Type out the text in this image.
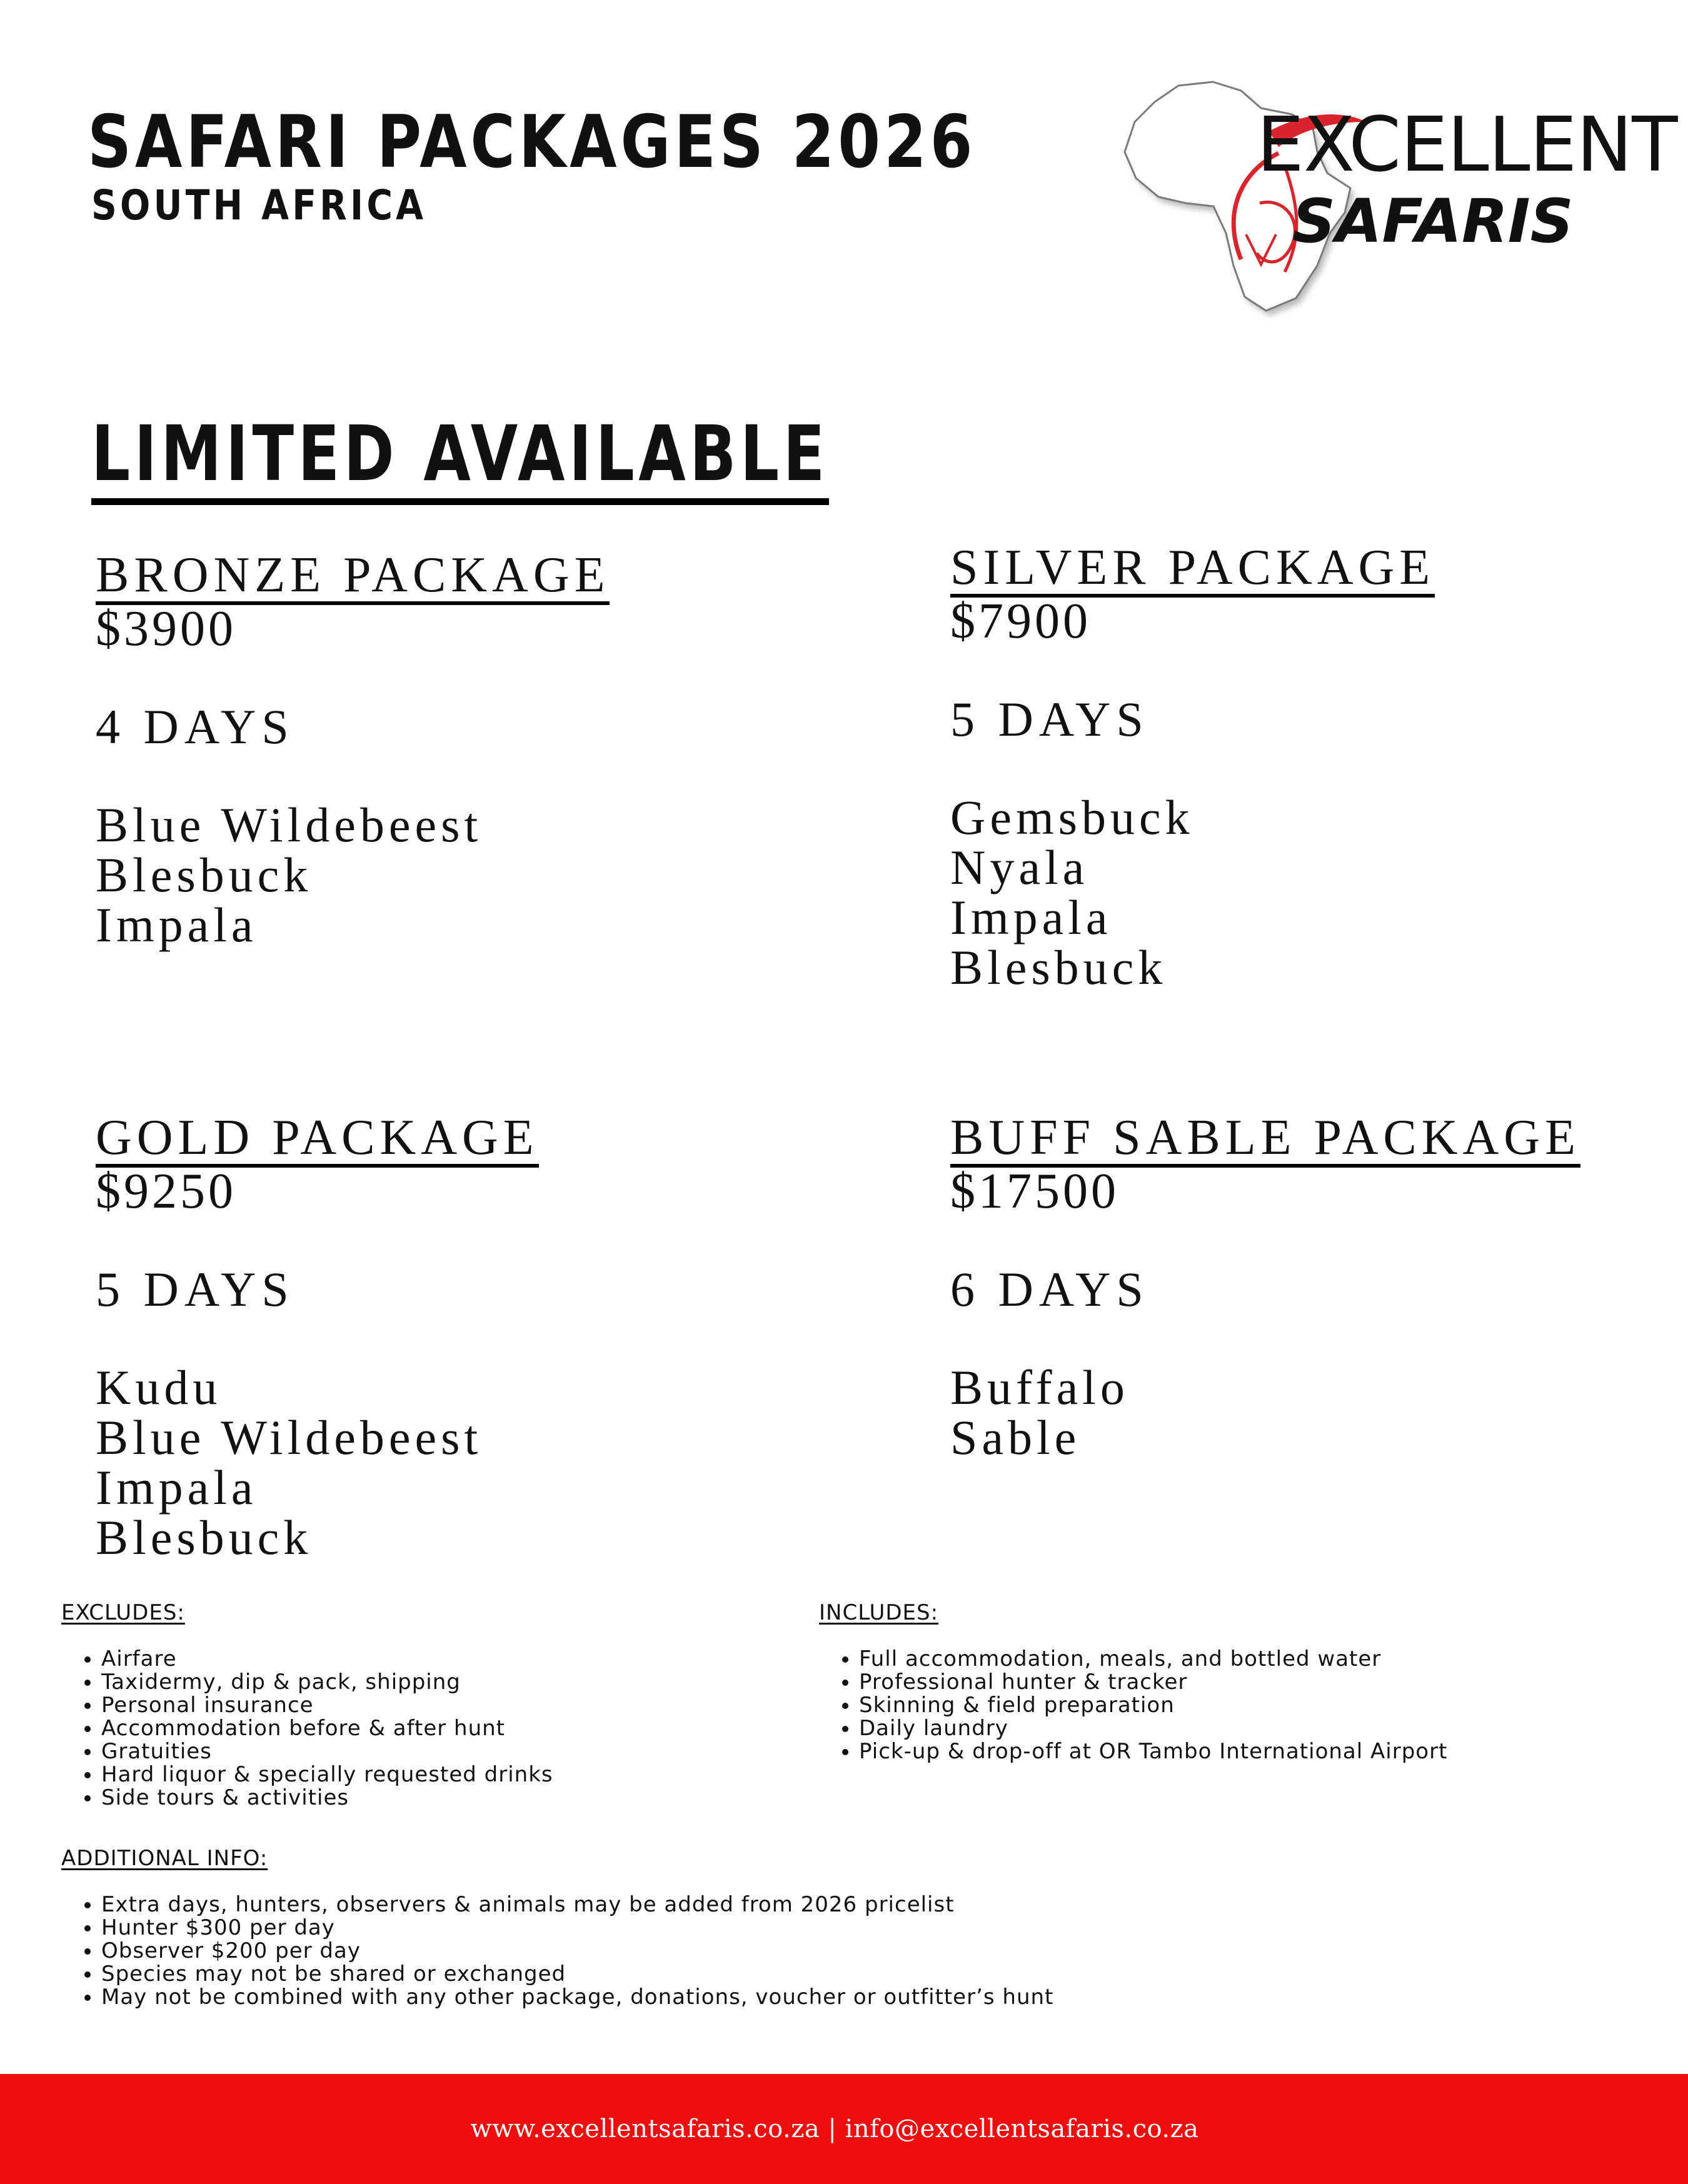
SAFARI PACKAGES 2026
SOUTH AFRICA
EXCELLENT
SAFARIS
LIMITED AVAILABLE
BRONZE PACKAGE
$3900
4 DAYS
Blue Wildebeest
Blesbuck
Impala
SILVER PACKAGE
$7900
5 DAYS
Gemsbuck
Nyala
Impala
Blesbuck
GOLD PACKAGE
$9250
5 DAYS
Kudu
Blue Wildebeest
Impala
Blesbuck
BUFF SABLE PACKAGE
$17500
6 DAYS
Buffalo
Sable
EXCLUDES:
• Airfare
• Taxidermy, dip & pack, shipping
• Personal insurance
• Accommodation before & after hunt
• Gratuities
• Hard liquor & specially requested drinks
• Side tours & activities
INCLUDES:
• Full accommodation, meals, and bottled water
• Professional hunter & tracker
• Skinning & field preparation
• Daily laundry
• Pick-up & drop-off at OR Tambo International Airport
ADDITIONAL INFO:
• Extra days, hunters, observers & animals may be added from 2026 pricelist
• Hunter $300 per day
• Observer $200 per day
• Species may not be shared or exchanged
• May not be combined with any other package, donations, voucher or outfitter’s hunt
www.excellentsafaris.co.za | info@excellentsafaris.co.za
